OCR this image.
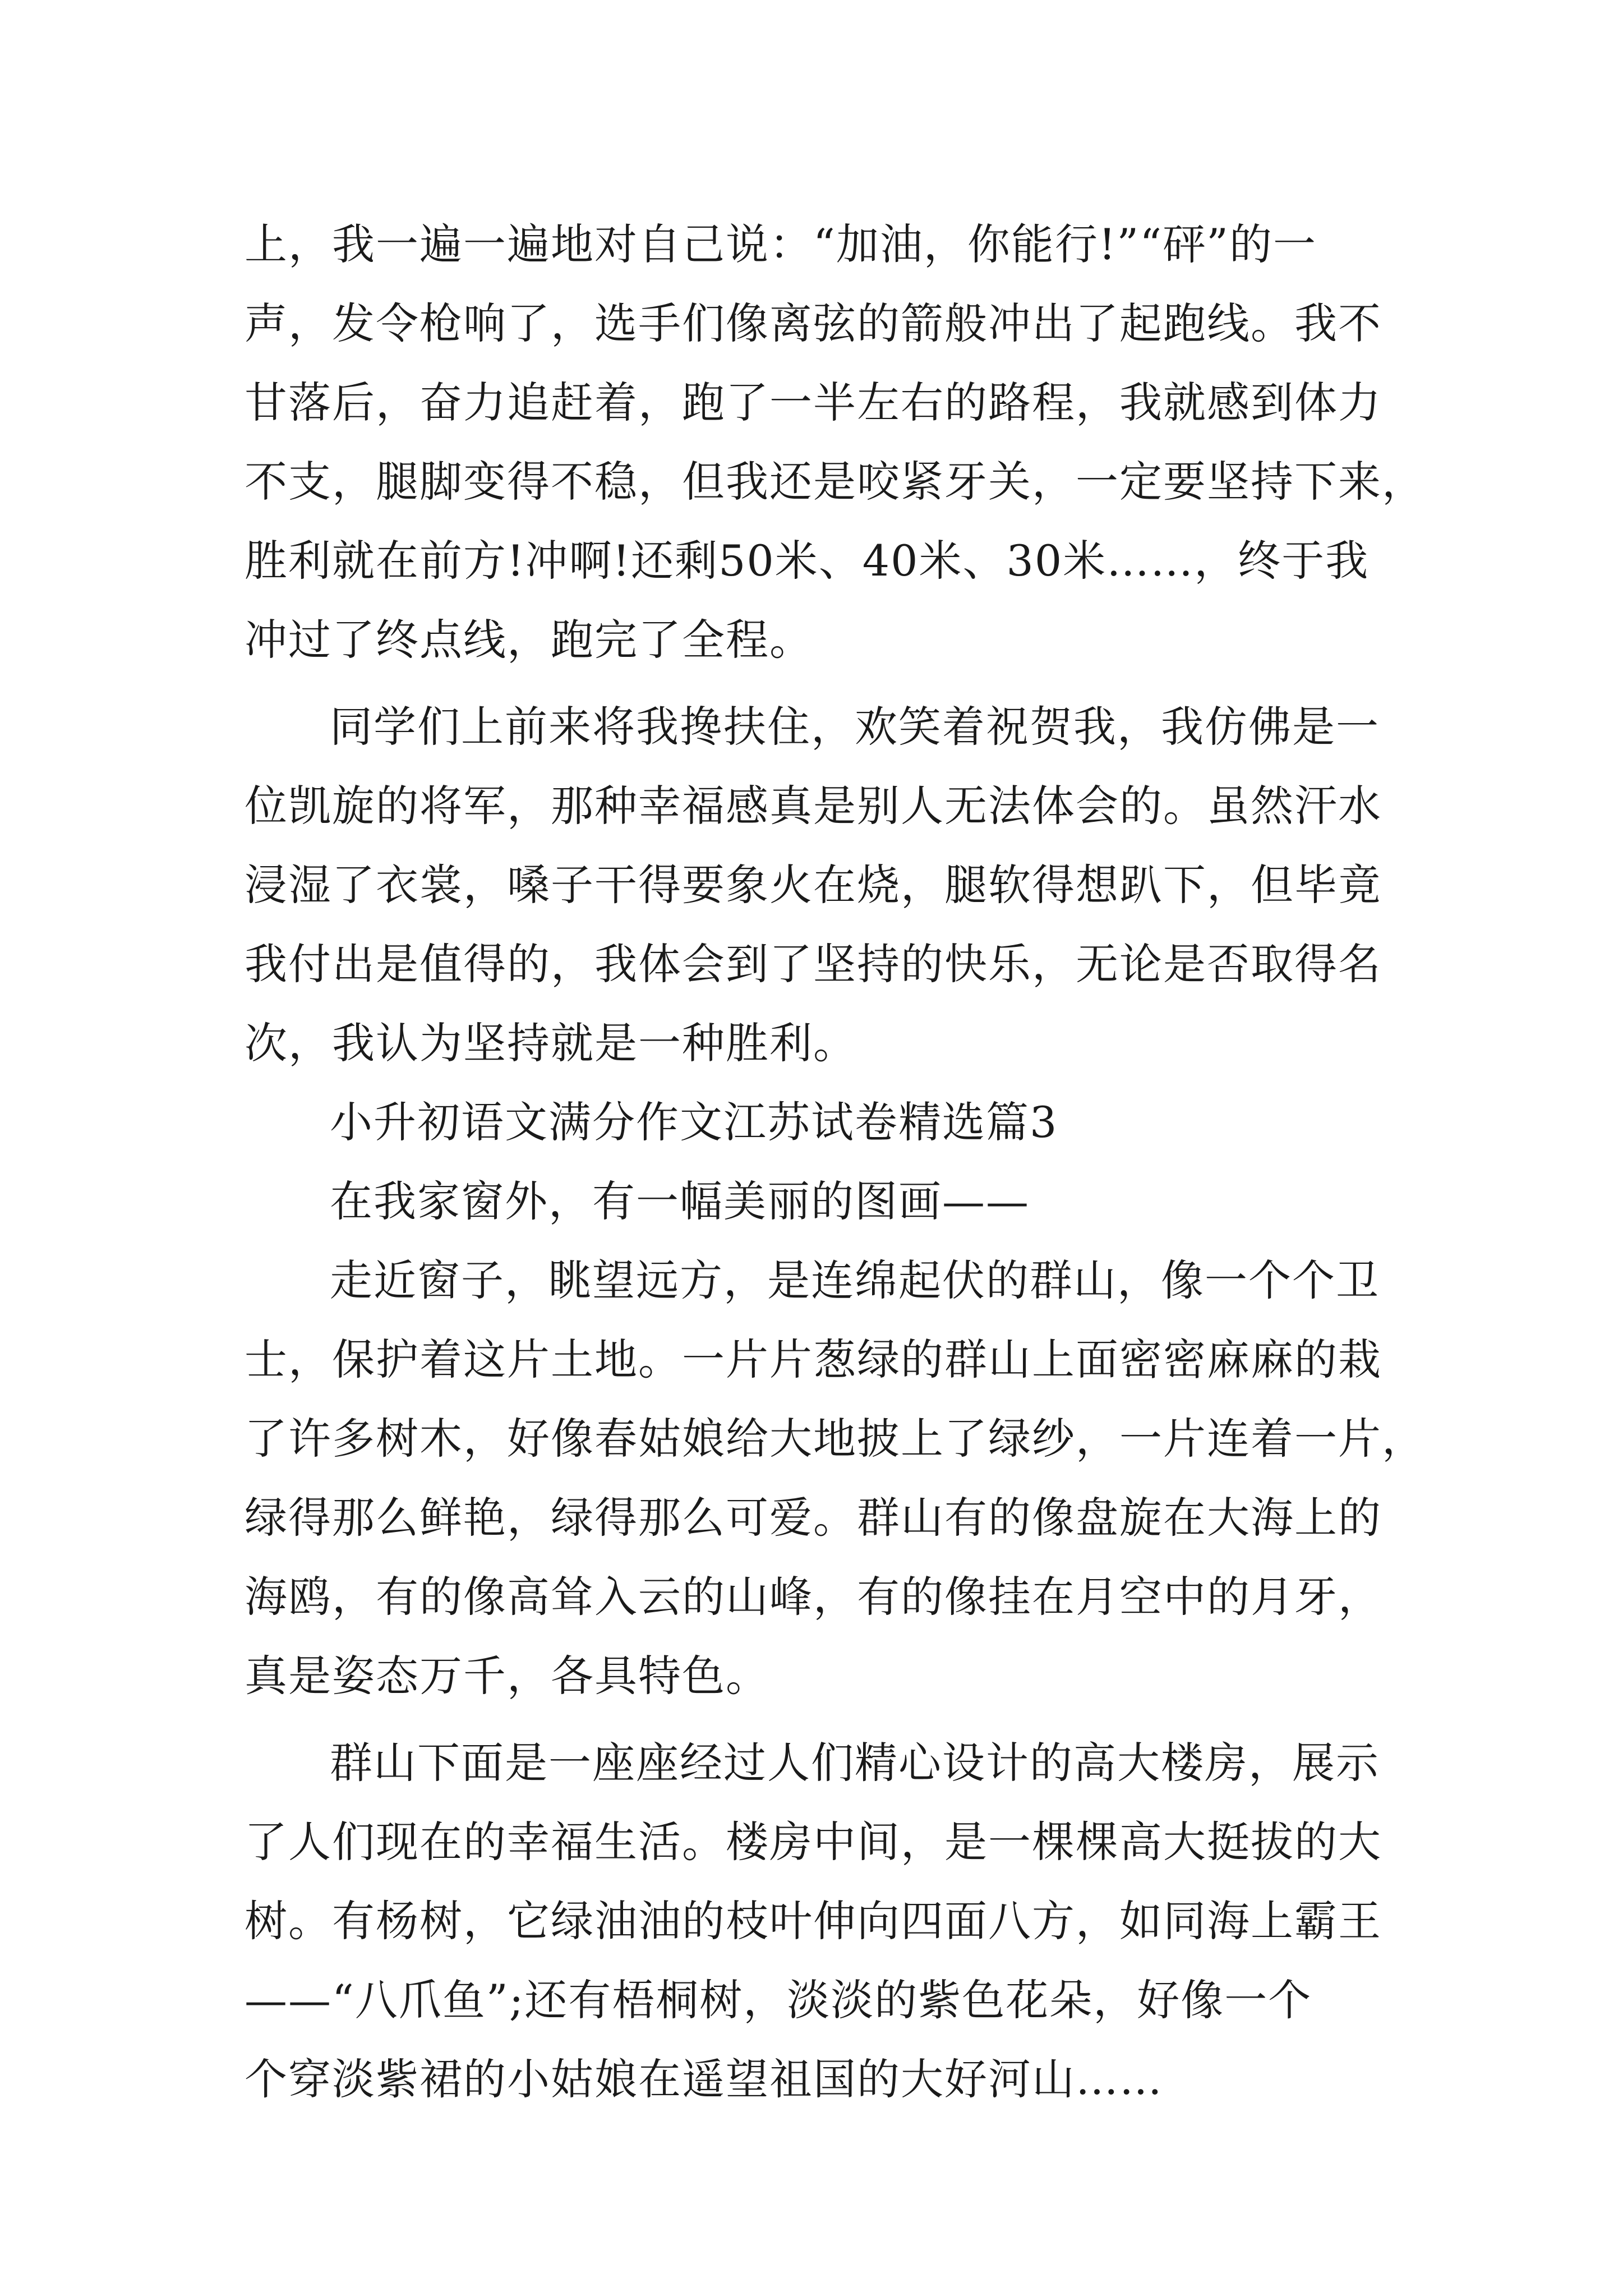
上，我一遍一遍地对自己说：“加油，你能行!”“砰”的一
声，发令枪响了，选手们像离弦的箭般冲出了起跑线。我不
甘落后，奋力追赶着，跑了一半左右的路程，我就感到体力
不支，腿脚变得不稳，但我还是咬紧牙关，一定要坚持下来，
胜利就在前方!冲啊!还剩50米、40米、30米……，终于我
冲过了终点线，跑完了全程。
同学们上前来将我搀扶住，欢笑着祝贺我，我仿佛是一
位凯旋的将军，那种幸福感真是别人无法体会的。虽然汗水
浸湿了衣裳，嗓子干得要象火在烧，腿软得想趴下，但毕竟
我付出是值得的，我体会到了坚持的快乐，无论是否取得名
次，我认为坚持就是一种胜利。
小升初语文满分作文江苏试卷精选篇3
在我家窗外，有一幅美丽的图画——
走近窗子，眺望远方，是连绵起伏的群山，像一个个卫
士，保护着这片土地。一片片葱绿的群山上面密密麻麻的栽
了许多树木，好像春姑娘给大地披上了绿纱，一片连着一片，
绿得那么鲜艳，绿得那么可爱。群山有的像盘旋在大海上的
海鸥，有的像高耸入云的山峰，有的像挂在月空中的月牙，
真是姿态万千，各具特色。
群山下面是一座座经过人们精心设计的高大楼房，展示
了人们现在的幸福生活。楼房中间，是一棵棵高大挺拔的大
树。有杨树，它绿油油的枝叶伸向四面八方，如同海上霸王
——“八爪鱼”;还有梧桐树，淡淡的紫色花朵，好像一个
个穿淡紫裙的小姑娘在遥望祖国的大好河山……
